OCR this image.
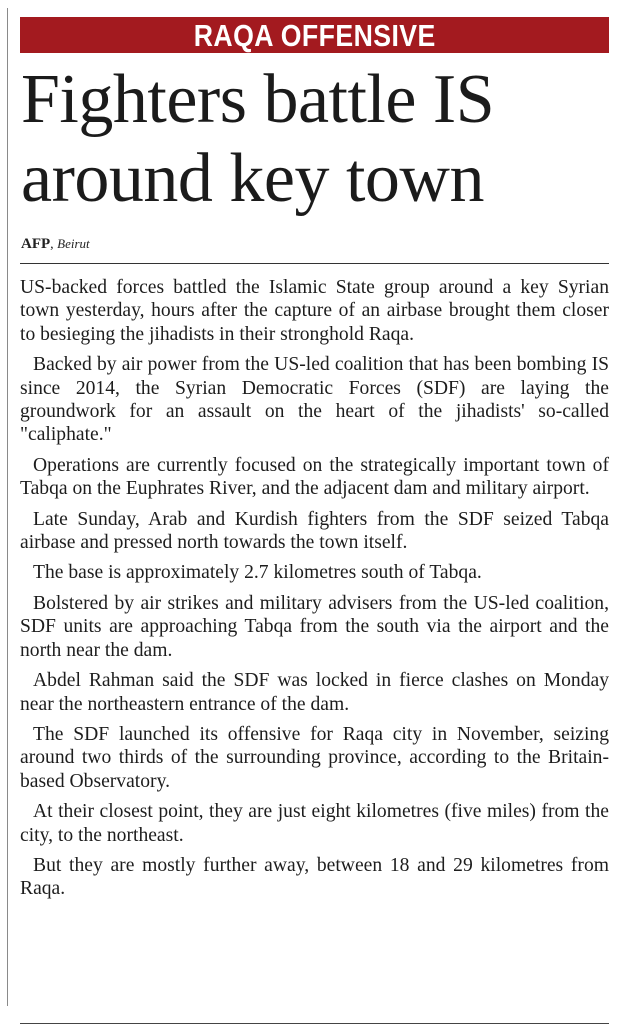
RAQA OFFENSIVE
Fighters battle IS
around key town
AFP, Beirut

US-backed forces battled the Islamic State group around a key Syrian town yesterday, hours after the capture of an airbase brought them closer to besieging the jihadists in their stronghold Raqa.

Backed by air power from the US-led coalition that has been bombing IS since 2014, the Syrian Democratic Forces (SDF) are laying the groundwork for an assault on the heart of the jihadists' so-called "caliphate."

Operations are currently focused on the strategically important town of Tabqa on the Euphrates River, and the adjacent dam and military airport.

Late Sunday, Arab and Kurdish fighters from the SDF seized Tabqa airbase and pressed north towards the town itself.

The base is approximately 2.7 kilometres south of Tabqa.

Bolstered by air strikes and military advisers from the US-led coalition, SDF units are approaching Tabqa from the south via the airport and the north near the dam.

Abdel Rahman said the SDF was locked in fierce clashes on Monday near the northeastern entrance of the dam.

The SDF launched its offensive for Raqa city in November, seizing around two thirds of the surrounding province, according to the Britain-based Observatory.

At their closest point, they are just eight kilometres (five miles) from the city, to the northeast.

But they are mostly further away, between 18 and 29 kilometres from Raqa.
